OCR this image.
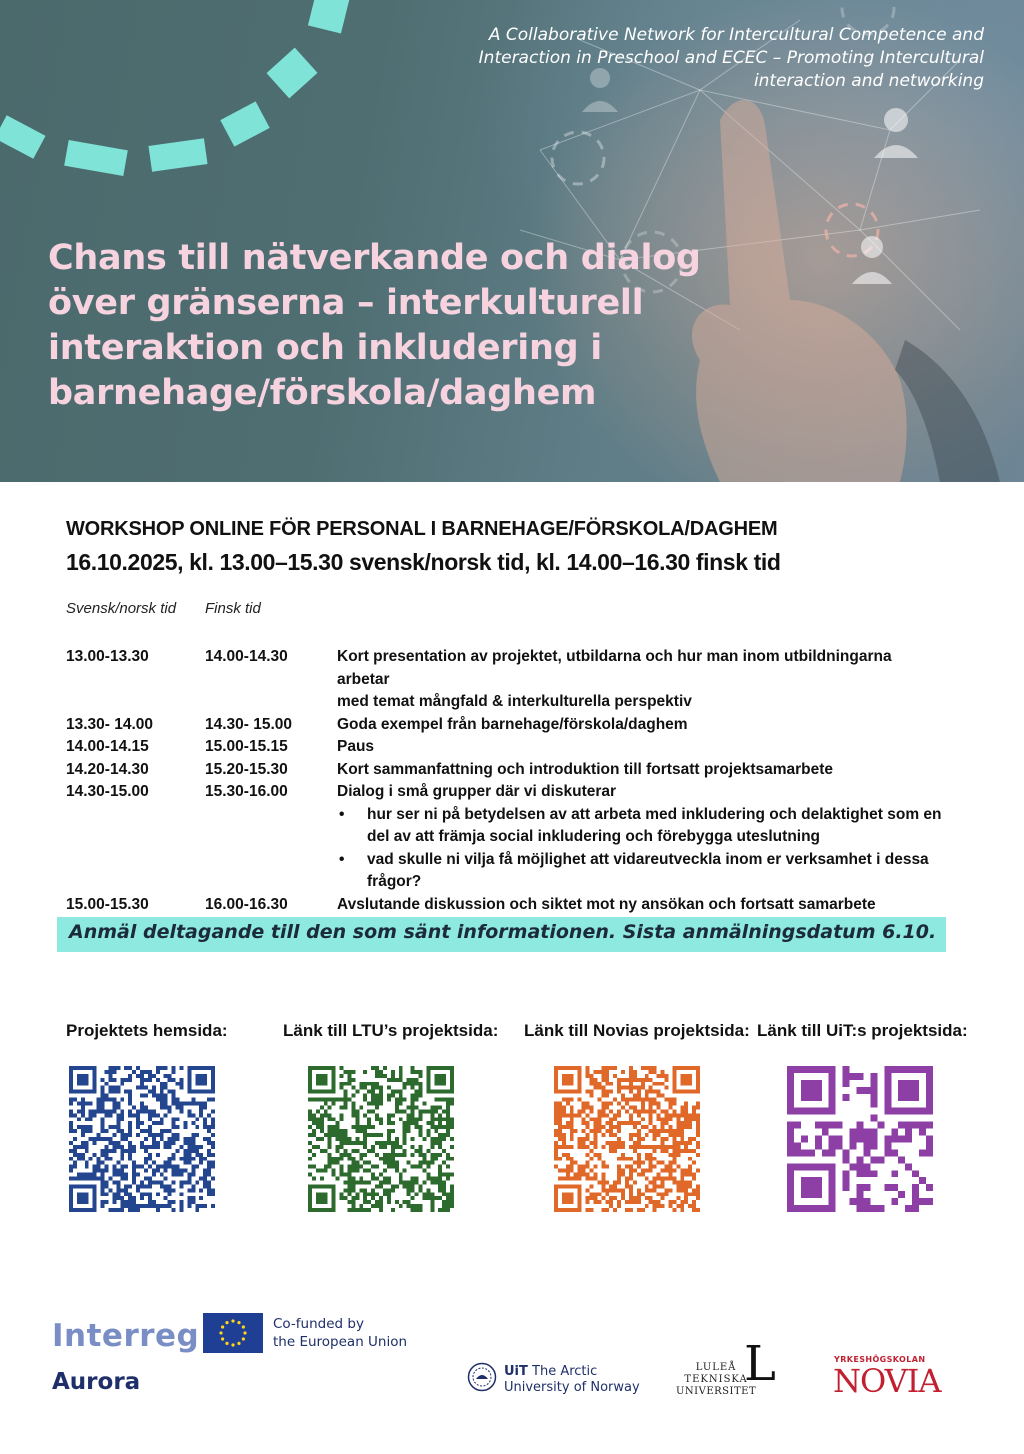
A Collaborative Network for Intercultural Competence and
Interaction in Preschool and ECEC – Promoting Intercultural
interaction and networking
Chans till nätverkande och dialog
över gränserna – interkulturell
interaktion och inkludering i
barnehage/förskola/daghem
WORKSHOP ONLINE FÖR PERSONAL I BARNEHAGE/FÖRSKOLA/DAGHEM
16.10.2025, kl. 13.00–15.30 svensk/norsk tid, kl. 14.00–16.30 finsk tid
Svensk/norsk tid Finsk tid
13.00-13.30	14.00-14.30	Kort presentation av projektet, utbildarna och hur man inom utbildningarna arbetar
med temat mångfald & interkulturella perspektiv
13.30- 14.00	14.30- 15.00	Goda exempel från barnehage/förskola/daghem
14.00-14.15	15.00-15.15	Paus
14.20-14.30	15.20-15.30	Kort sammanfattning och introduktion till fortsatt projektsamarbete
14.30-15.00	15.30-16.00	Dialog i små grupper där vi diskuterar
• hur ser ni på betydelsen av att arbeta med inkludering och delaktighet som en
del av att främja social inkludering och förebygga uteslutning
• vad skulle ni vilja få möjlighet att vidareutveckla inom er verksamhet i dessa
frågor?
15.00-15.30	16.00-16.30	Avslutande diskussion och siktet mot ny ansökan och fortsatt samarbete
Anmäl deltagande till den som sänt informationen. Sista anmälningsdatum 6.10.
Projektets hemsida:	Länk till LTU’s projektsida: Länk till Novias projektsida: Länk till UiT:s projektsida:
Interreg
Aurora
Co-funded by
the European Union
UiT The Arctic
University of Norway
LULEÅ
TEKNISKA
UNIVERSITET
L	YRKESHÖGSKOLAN
NOVIA
